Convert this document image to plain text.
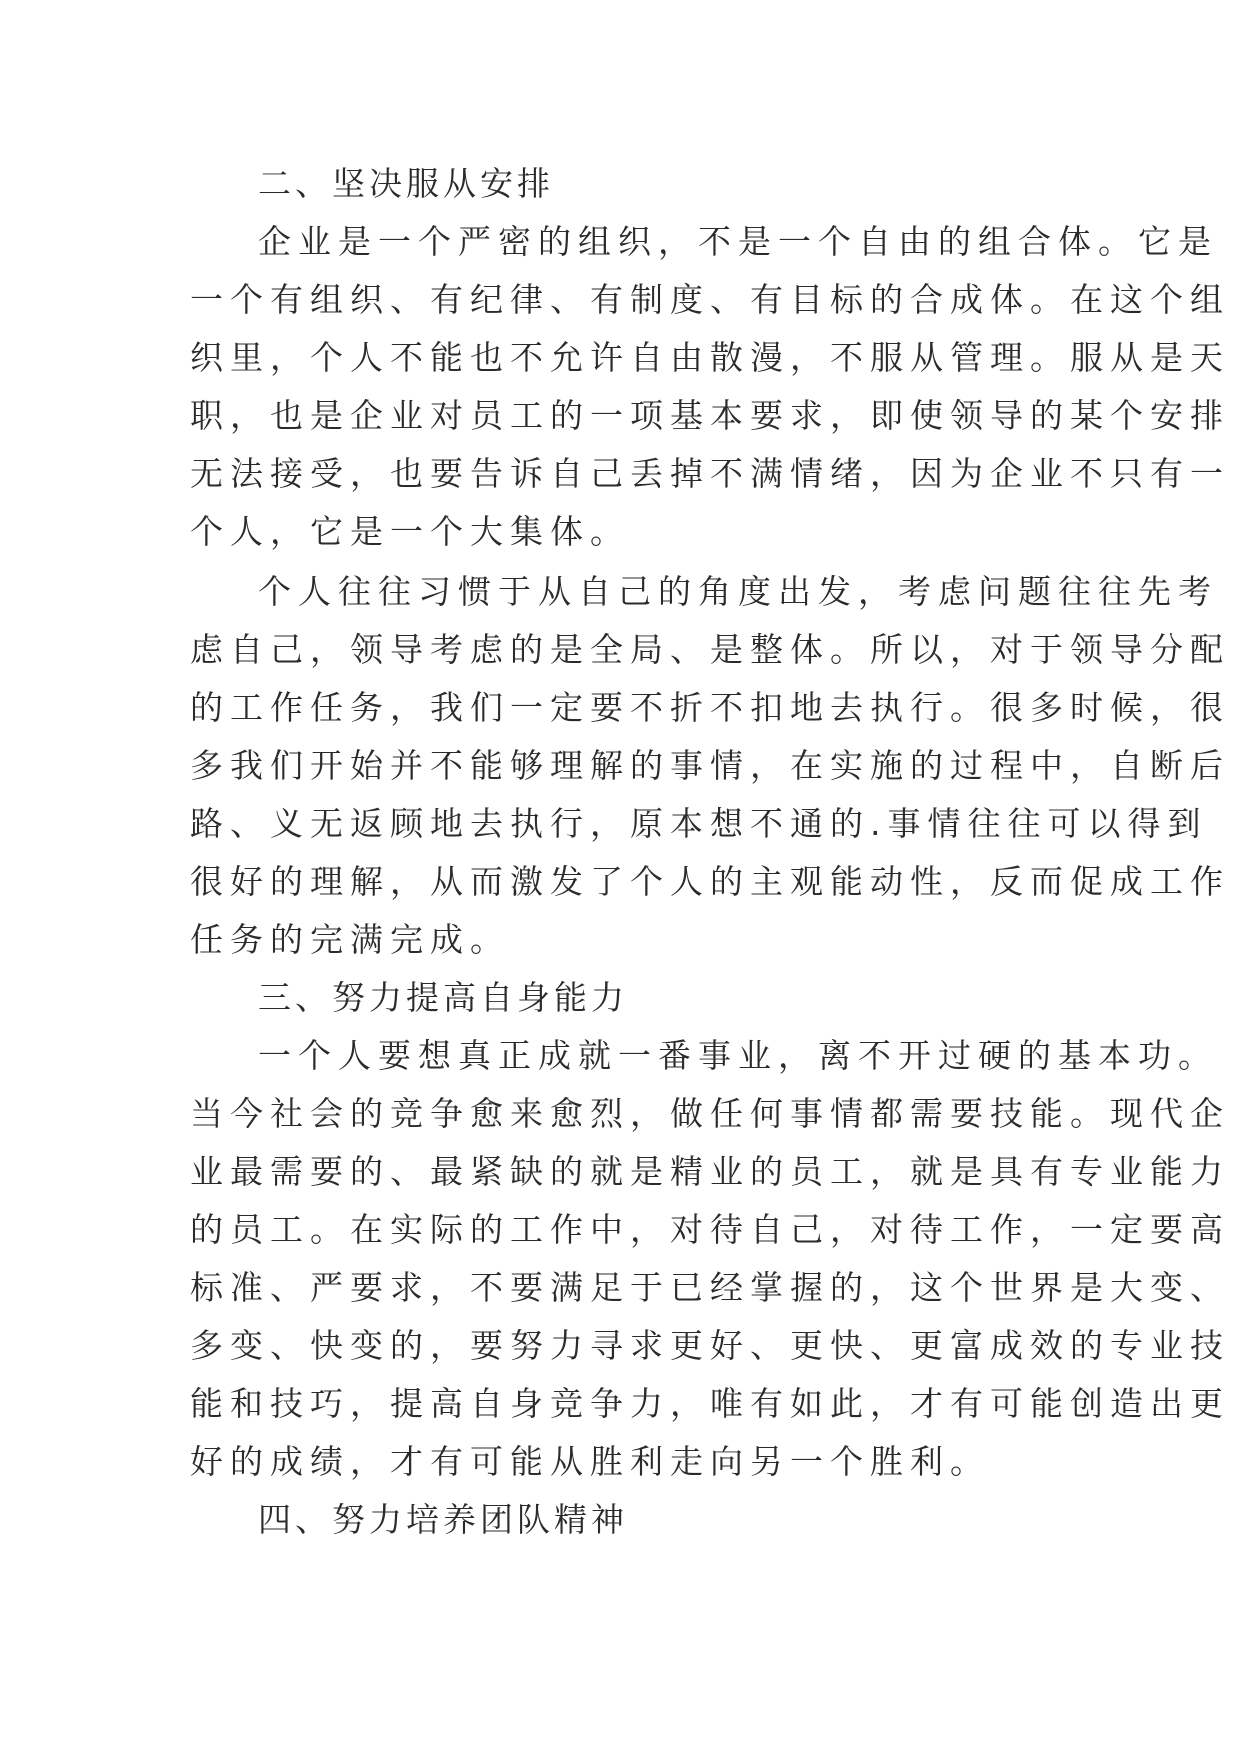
二、坚决服从安排

企业是一个严密的组织，不是一个自由的组合体。它是

一个有组织、有纪律、有制度、有目标的合成体。在这个组

织里，个人不能也不允许自由散漫，不服从管理。服从是天

职，也是企业对员工的一项基本要求，即使领导的某个安排

无法接受，也要告诉自己丢掉不满情绪，因为企业不只有一

个人，它是一个大集体。

个人往往习惯于从自己的角度出发，考虑问题往往先考

虑自己，领导考虑的是全局、是整体。所以，对于领导分配

的工作任务，我们一定要不折不扣地去执行。很多时候，很

多我们开始并不能够理解的事情，在实施的过程中，自断后

路、义无返顾地去执行，原本想不通的.事情往往可以得到

很好的理解，从而激发了个人的主观能动性，反而促成工作

任务的完满完成。

三、努力提高自身能力

一个人要想真正成就一番事业，离不开过硬的基本功。

当今社会的竞争愈来愈烈，做任何事情都需要技能。现代企

业最需要的、最紧缺的就是精业的员工，就是具有专业能力

的员工。在实际的工作中，对待自己，对待工作，一定要高

标准、严要求，不要满足于已经掌握的，这个世界是大变、

多变、快变的，要努力寻求更好、更快、更富成效的专业技

能和技巧，提高自身竞争力，唯有如此，才有可能创造出更

好的成绩，才有可能从胜利走向另一个胜利。

四、努力培养团队精神
